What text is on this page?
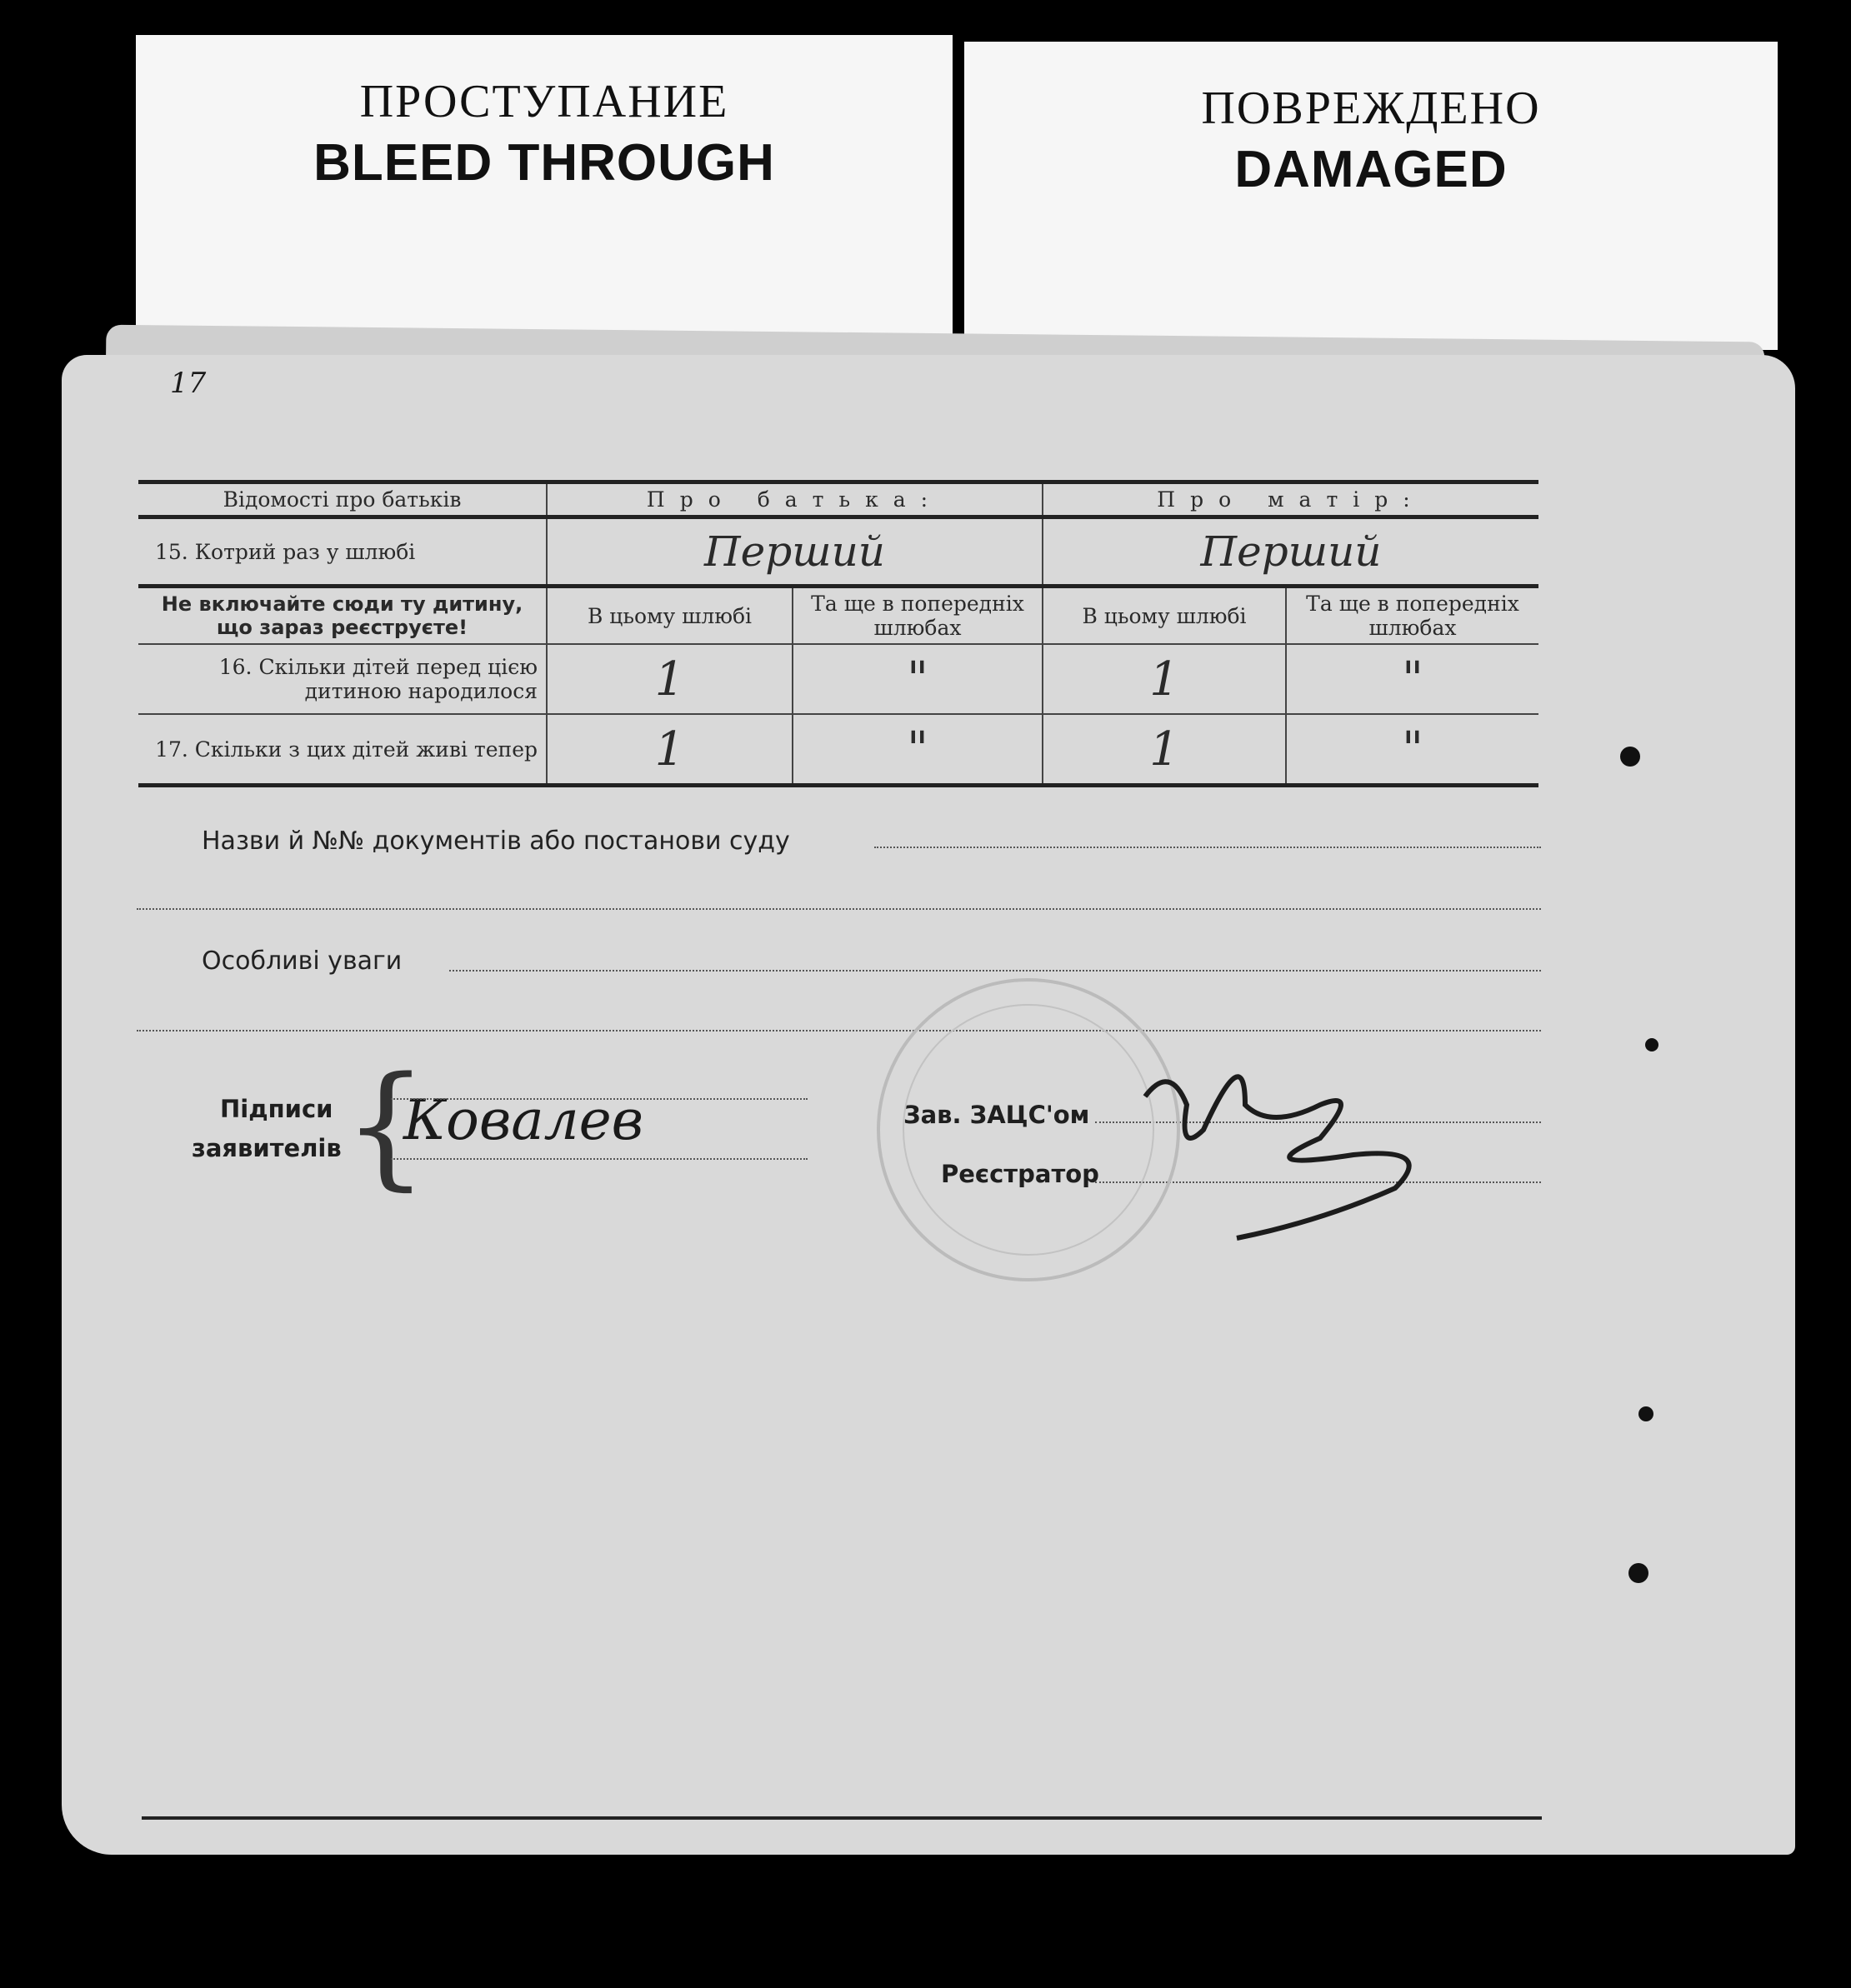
ПРОСТУПАНИЕ
BLEED THROUGH
ПОВРЕЖДЕНО
DAMAGED
17
Відомості про батьків	Про батька:		Про матір:	
15. Котрий раз у шлюбі	Перший		Перший	
Не включайте сюди ту дитину, що зараз реєструєте!	В цьому шлюбі	Та ще в попередніх шлюбах	В цьому шлюбі	Та ще в попередніх шлюбах
16. Скільки дітей перед цією дитиною народилося	1	"	1	"
17. Скільки з цих дітей живі тепер	1	"	1	"
Назви й №№ документів або постанови суду
Особливі уваги
Підписи
заявителів {
Ковалев	Зав. ЗАЦС'ом
Реєстратор
